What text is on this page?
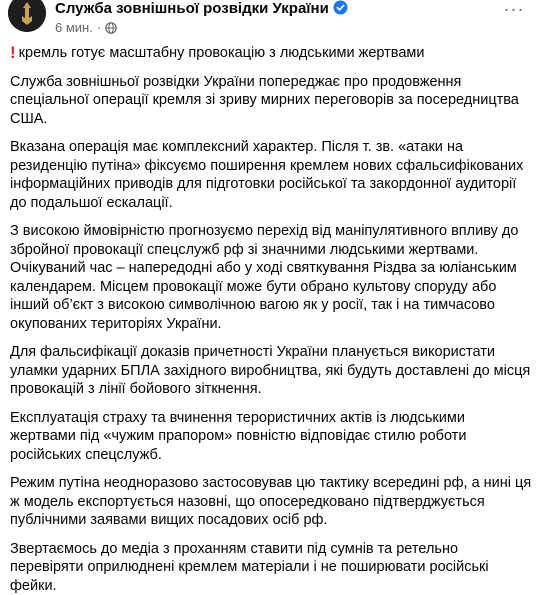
Служба зовнішньої розвідки України
6 мин. ·
···

! кремль готує масштабну провокацію з людськими жертвами

Служба зовнішньої розвідки України попереджає про продовження спеціальної операції кремля зі зриву мирних переговорів за посередництва США.

Вказана операція має комплексний характер. Після т. зв. «атаки на резиденцію путіна» фіксуємо поширення кремлем нових сфальсифікованих інформаційних приводів для підготовки російської та закордонної аудиторії до подальшої ескалації.

З високою ймовірністю прогнозуємо перехід від маніпулятивного впливу до збройної провокації спецслужб рф зі значними людськими жертвами. Очікуваний час – напередодні або у ході святкування Різдва за юліанським календарем. Місцем провокації може бути обрано культову споруду або інший об’єкт з високою символічною вагою як у росії, так і на тимчасово окупованих територіях України.

Для фальсифікації доказів причетності України планується використати уламки ударних БПЛА західного виробництва, які будуть доставлені до місця провокацій з лінії бойового зіткнення.

Експлуатація страху та вчинення терористичних актів із людськими жертвами під «чужим прапором» повністю відповідає стилю роботи російських спецслужб.

Режим путіна неодноразово застосовував цю тактику всередині рф, а нині ця ж модель експортується назовні, що опосередковано підтверджується публічними заявами вищих посадових осіб рф.

Звертаємось до медіа з проханням ставити під сумнів та ретельно перевіряти оприлюднені кремлем матеріали і не поширювати російські фейки.
